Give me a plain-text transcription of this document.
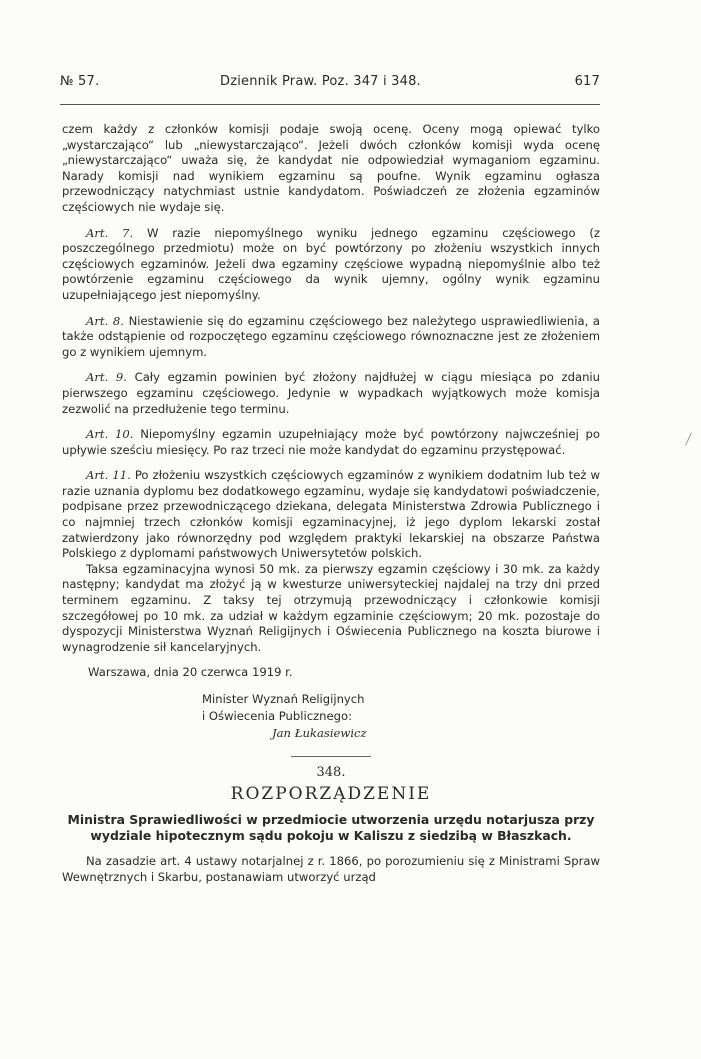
№ 57.	Dziennik Praw. Poz. 347 i 348.	617

czem każdy z członków komisji podaje swoją ocenę. Oceny mogą opiewać tylko „wystarczająco“ lub „niewystarczająco“. Jeżeli dwóch członków komisji wyda ocenę „niewystarczająco“ uważa się, że kandydat nie odpowiedział wymaganiom egzaminu. Narady komisji nad wynikiem egzaminu są poufne. Wynik egzaminu ogłasza przewodniczący natychmiast ustnie kandydatom. Poświadczeń ze złożenia egzaminów częściowych nie wydaje się.

Art. 7. W razie niepomyślnego wyniku jednego egzaminu częściowego (z poszczególnego przedmiotu) może on być powtórzony po złożeniu wszystkich innych częściowych egzaminów. Jeżeli dwa egzaminy częściowe wypadną niepomyślnie albo też powtórzenie egzaminu częściowego da wynik ujemny, ogólny wynik egzaminu uzupełniającego jest niepomyślny.

Art. 8. Niestawienie się do egzaminu częściowego bez należytego usprawiedliwienia, a także odstąpienie od rozpoczętego egzaminu częściowego równoznaczne jest ze złożeniem go z wynikiem ujemnym.

Art. 9. Cały egzamin powinien być złożony najdłużej w ciągu miesiąca po zdaniu pierwszego egzaminu częściowego. Jedynie w wypadkach wyjątkowych może komisja zezwolić na przedłużenie tego terminu.

Art. 10. Niepomyślny egzamin uzupełniający może być powtórzony najwcześniej po upływie sześciu miesięcy. Po raz trzeci nie może kandydat do egzaminu przystępować.

Art. 11. Po złożeniu wszystkich częściowych egzaminów z wynikiem dodatnim lub też w razie uznania dyplomu bez dodatkowego egzaminu, wydaje się kandydatowi poświadczenie, podpisane przez przewodniczącego dziekana, delegata Ministerstwa Zdrowia Publicznego i co najmniej trzech członków komisji egzaminacyjnej, iż jego dyplom lekarski został zatwierdzony jako równorzędny pod względem praktyki lekarskiej na obszarze Państwa Polskiego z dyplomami państwowych Uniwersytetów polskich.

Taksa egzaminacyjna wynosi 50 mk. za pierwszy egzamin częściowy i 30 mk. za każdy następny; kandydat ma złożyć ją w kwesturze uniwersyteckiej najdalej na trzy dni przed terminem egzaminu. Z taksy tej otrzymują przewodniczący i członkowie komisji szczegółowej po 10 mk. za udział w każdym egzaminie częściowym; 20 mk. pozostaje do dyspozycji Ministerstwa Wyznań Religijnych i Oświecenia Publicznego na koszta biurowe i wynagrodzenie sił kancelaryjnych.

Warszawa, dnia 20 czerwca 1919 r.
Minister Wyznań Religijnych
i Oświecenia Publicznego:
Jan Łukasiewicz
348.
ROZPORZĄDZENIE
Ministra Sprawiedliwości w przedmiocie utworzenia urzędu notarjusza przy wydziale hipotecznym sądu pokoju w Kaliszu z siedzibą w Błaszkach.

Na zasadzie art. 4 ustawy notarjalnej z r. 1866, po porozumieniu się z Ministrami Spraw Wewnętrznych i Skarbu, postanawiam utworzyć urząd
